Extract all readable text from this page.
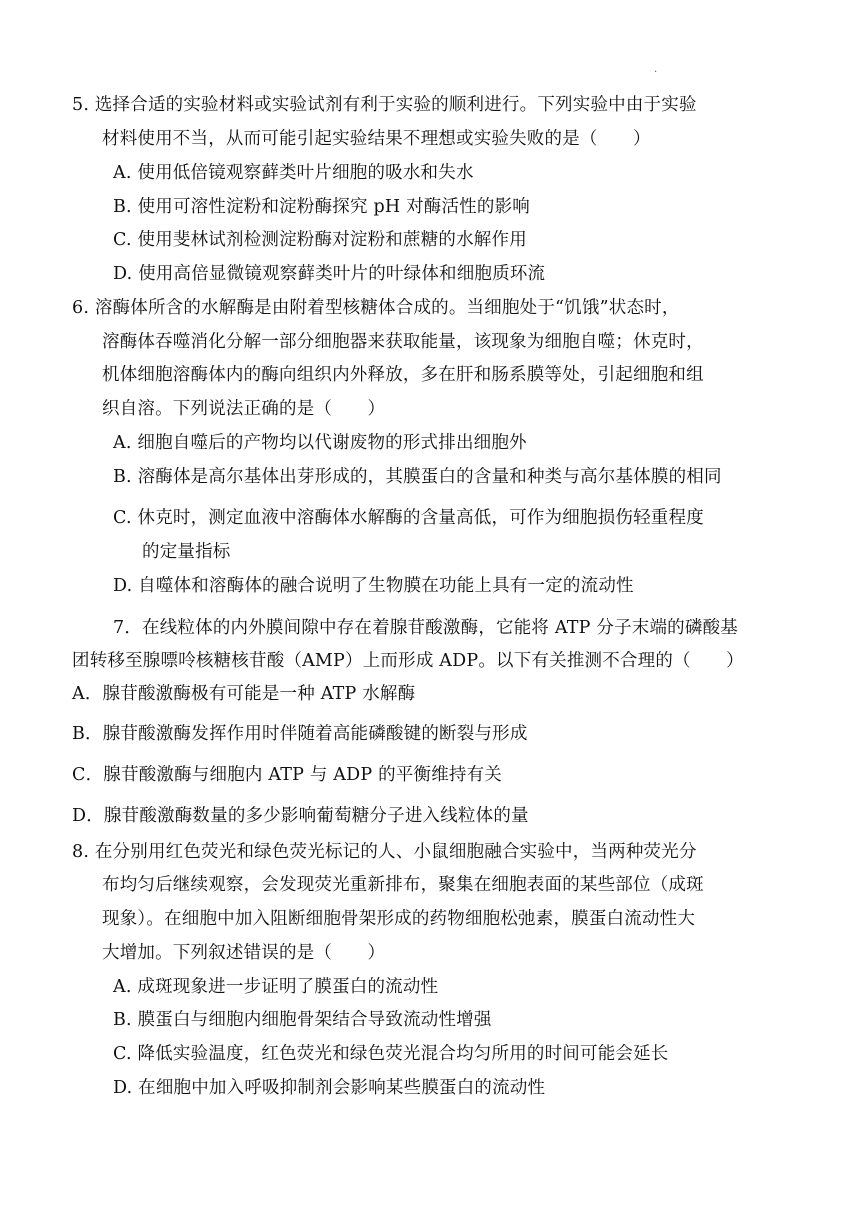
.
5. 选择合适的实验材料或实验试剂有利于实验的顺利进行。下列实验中由于实验
材料使用不当，从而可能引起实验结果不理想或实验失败的是（　　）
A. 使用低倍镜观察藓类叶片细胞的吸水和失水
B. 使用可溶性淀粉和淀粉酶探究 pH 对酶活性的影响
C. 使用斐林试剂检测淀粉酶对淀粉和蔗糖的水解作用
D. 使用高倍显微镜观察藓类叶片的叶绿体和细胞质环流
6. 溶酶体所含的水解酶是由附着型核糖体合成的。当细胞处于“饥饿”状态时，
溶酶体吞噬消化分解一部分细胞器来获取能量，该现象为细胞自噬；休克时，
机体细胞溶酶体内的酶向组织内外释放，多在肝和肠系膜等处，引起细胞和组
织自溶。下列说法正确的是（　　）
A. 细胞自噬后的产物均以代谢废物的形式排出细胞外
B. 溶酶体是高尔基体出芽形成的，其膜蛋白的含量和种类与高尔基体膜的相同
C. 休克时，测定血液中溶酶体水解酶的含量高低，可作为细胞损伤轻重程度
的定量指标
D. 自噬体和溶酶体的融合说明了生物膜在功能上具有一定的流动性
7．在线粒体的内外膜间隙中存在着腺苷酸激酶，它能将 ATP 分子末端的磷酸基
团转移至腺嘌呤核糖核苷酸（AMP）上而形成 ADP。以下有关推测不合理的（　　）
A．腺苷酸激酶极有可能是一种 ATP 水解酶
B．腺苷酸激酶发挥作用时伴随着高能磷酸键的断裂与形成
C．腺苷酸激酶与细胞内 ATP 与 ADP 的平衡维持有关
D．腺苷酸激酶数量的多少影响葡萄糖分子进入线粒体的量
8. 在分别用红色荧光和绿色荧光标记的人、小鼠细胞融合实验中，当两种荧光分
布均匀后继续观察，会发现荧光重新排布，聚集在细胞表面的某些部位（成斑
现象）。在细胞中加入阻断细胞骨架形成的药物细胞松弛素，膜蛋白流动性大
大增加。下列叙述错误的是（　　）
A. 成斑现象进一步证明了膜蛋白的流动性
B. 膜蛋白与细胞内细胞骨架结合导致流动性增强
C. 降低实验温度，红色荧光和绿色荧光混合均匀所用的时间可能会延长
D. 在细胞中加入呼吸抑制剂会影响某些膜蛋白的流动性
